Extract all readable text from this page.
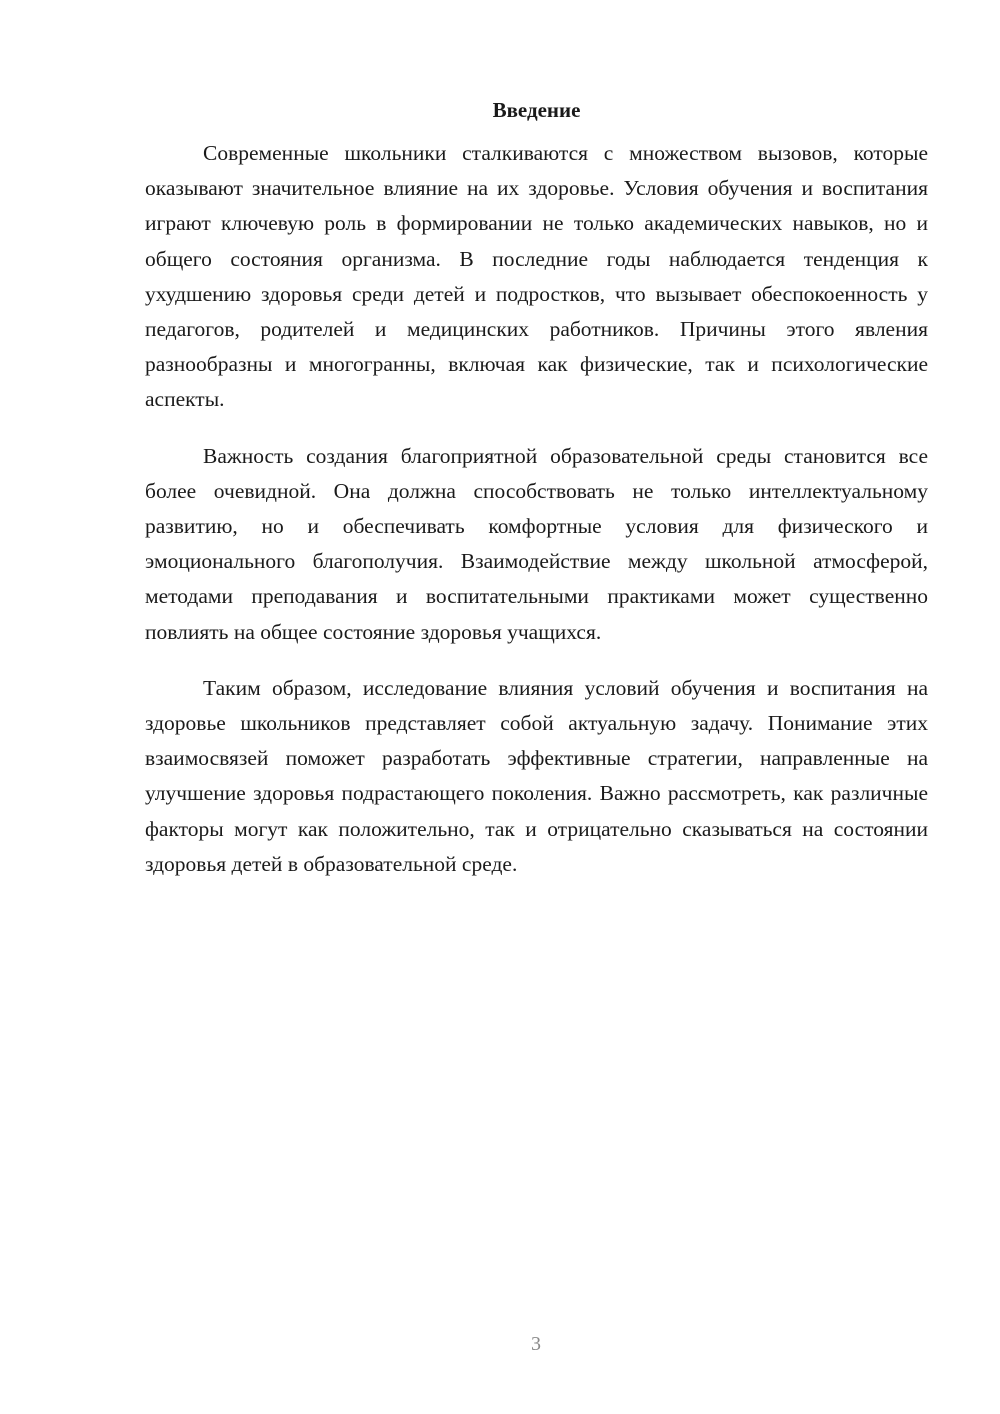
Введение

Современные школьники сталкиваются с множеством вызовов, которые оказывают значительное влияние на их здоровье. Условия обучения и воспитания играют ключевую роль в формировании не только академических навыков, но и общего состояния организма. В последние годы наблюдается тенденция к ухудшению здоровья среди детей и подростков, что вызывает обеспокоенность у педагогов, родителей и медицинских работников. Причины этого явления разнообразны и многогранны, включая как физические, так и психологические аспекты.

Важность создания благоприятной образовательной среды становится все более очевидной. Она должна способствовать не только интеллектуальному развитию, но и обеспечивать комфортные условия для физического и эмоционального благополучия. Взаимодействие между школьной атмосферой, методами преподавания и воспитательными практиками может существенно повлиять на общее состояние здоровья учащихся.

Таким образом, исследование влияния условий обучения и воспитания на здоровье школьников представляет собой актуальную задачу. Понимание этих взаимосвязей поможет разработать эффективные стратегии, направленные на улучшение здоровья подрастающего поколения. Важно рассмотреть, как различные факторы могут как положительно, так и отрицательно сказываться на состоянии здоровья детей в образовательной среде.

3
